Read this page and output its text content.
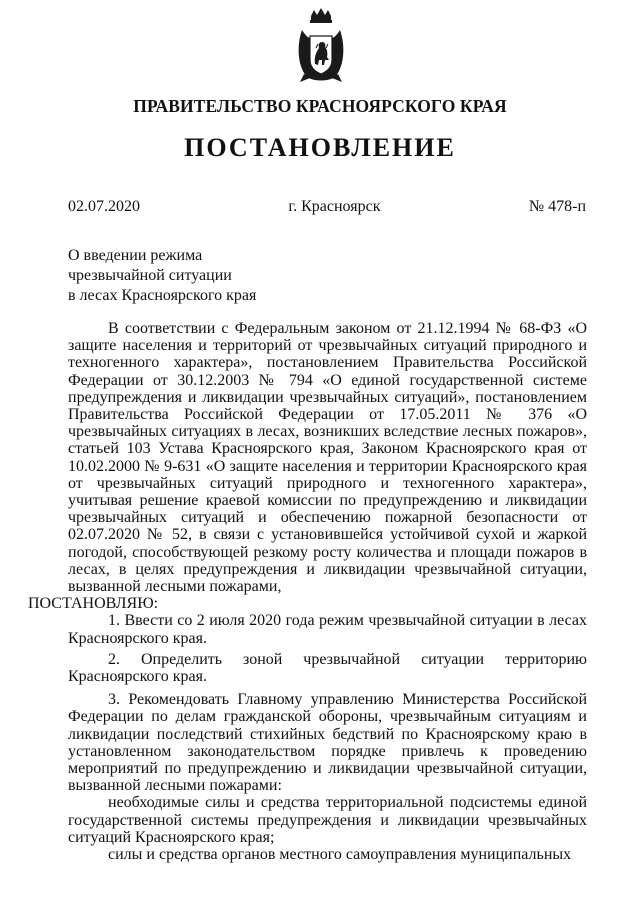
ПРАВИТЕЛЬСТВО КРАСНОЯРСКОГО КРАЯ
ПОСТАНОВЛЕНИЕ
02.07.2020	г. Красноярск	№ 478-п
О введении режима
чрезвычайной ситуации
в лесах Красноярского края

В соответствии с Федеральным законом от 21.12.1994 № 68-ФЗ «О защите населения и территорий от чрезвычайных ситуаций природного и техногенного характера», постановлением Правительства Российской Федерации от 30.12.2003 № 794 «О единой государственной системе предупреждения и ликвидации чрезвычайных ситуаций», постановлением Правительства Российской Федерации от 17.05.2011 № 376 «О чрезвычайных ситуациях в лесах, возникших вследствие лесных пожаров», статьей 103 Устава Красноярского края, Законом Красноярского края от 10.02.2000 № 9-631 «О защите населения и территории Красноярского края от чрезвычайных ситуаций природного и техногенного характера», учитывая решение краевой комиссии по предупреждению и ликвидации чрезвычайных ситуаций и обеспечению пожарной безопасности от 02.07.2020 № 52, в связи с установившейся устойчивой сухой и жаркой погодой, способствующей резкому росту количества и площади пожаров в лесах, в целях предупреждения и ликвидации чрезвычайной ситуации, вызванной лесными пожарами,
ПОСТАНОВЛЯЮ:

1. Ввести со 2 июля 2020 года режим чрезвычайной ситуации в лесах Красноярского края.

2. Определить зоной чрезвычайной ситуации территорию Красноярского края.

3. Рекомендовать Главному управлению Министерства Российской Федерации по делам гражданской обороны, чрезвычайным ситуациям и ликвидации последствий стихийных бедствий по Красноярскому краю в установленном законодательством порядке привлечь к проведению мероприятий по предупреждению и ликвидации чрезвычайной ситуации, вызванной лесными пожарами:

необходимые силы и средства территориальной подсистемы единой государственной системы предупреждения и ликвидации чрезвычайных ситуаций Красноярского края;

силы и средства органов местного самоуправления муниципальных
